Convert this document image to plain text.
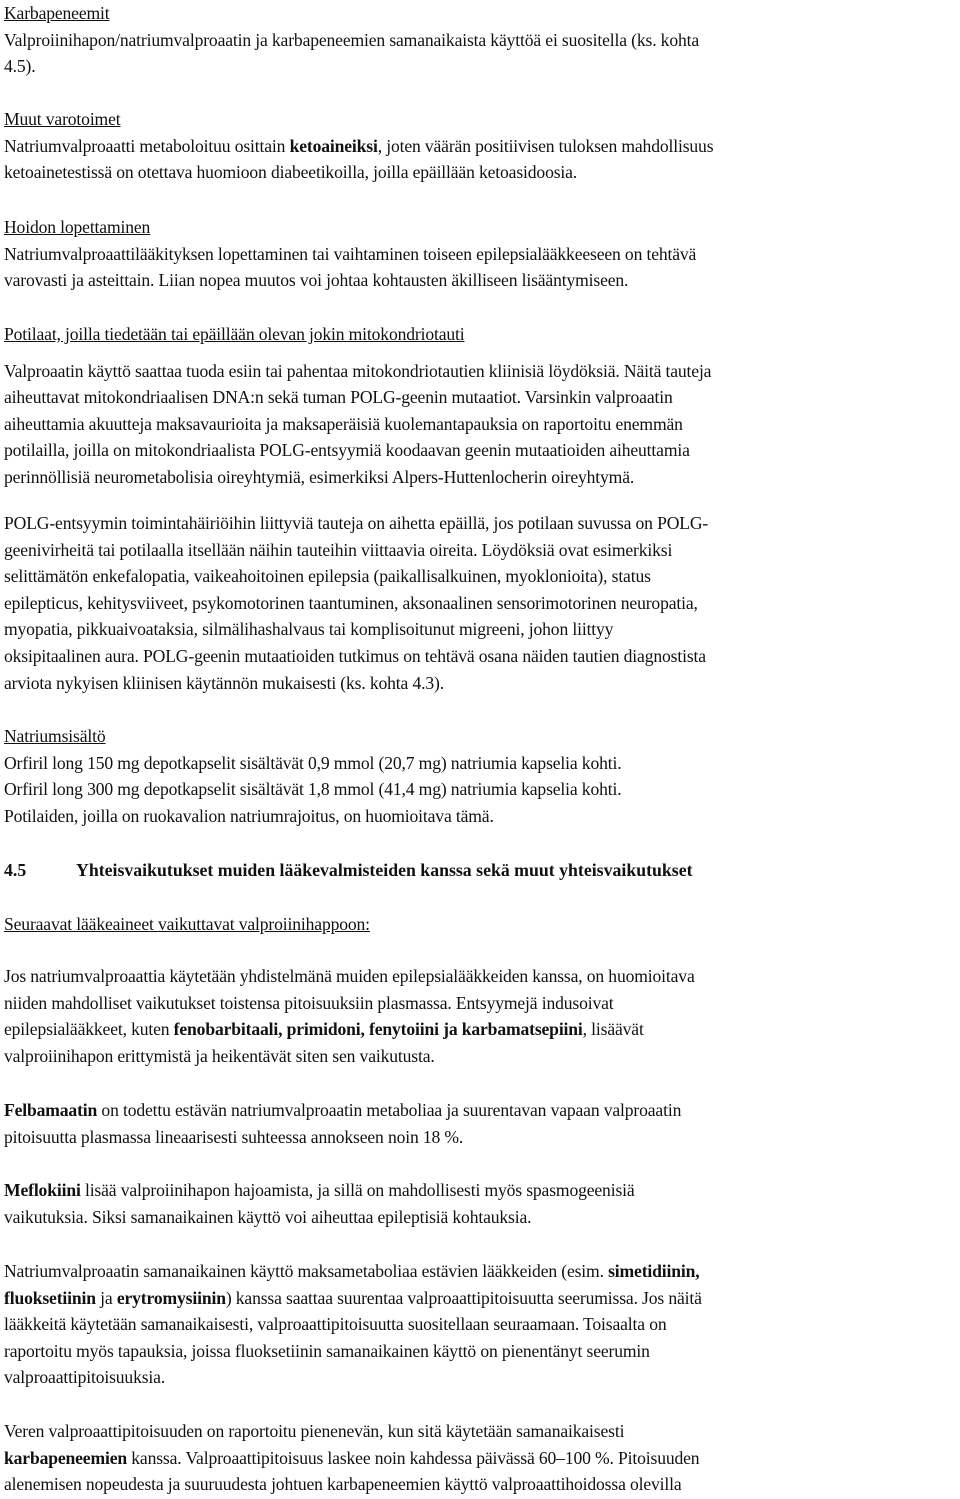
Karbapeneemit
Valproiinihapon/natriumvalproaatin ja karbapeneemien samanaikaista käyttöä ei suositella (ks. kohta
4.5).
Muut varotoimet
Natriumvalproaatti metaboloituu osittain ketoaineiksi, joten väärän positiivisen tuloksen mahdollisuus
ketoainetestissä on otettava huomioon diabeetikoilla, joilla epäillään ketoasidoosia.
Hoidon lopettaminen
Natriumvalproaattilääkityksen lopettaminen tai vaihtaminen toiseen epilepsialääkkeeseen on tehtävä
varovasti ja asteittain. Liian nopea muutos voi johtaa kohtausten äkilliseen lisääntymiseen.
Potilaat, joilla tiedetään tai epäillään olevan jokin mitokondriotauti
Valproaatin käyttö saattaa tuoda esiin tai pahentaa mitokondriotautien kliinisiä löydöksiä. Näitä tauteja
aiheuttavat mitokondriaalisen DNA:n sekä tuman POLG-geenin mutaatiot. Varsinkin valproaatin
aiheuttamia akuutteja maksavaurioita ja maksaperäisiä kuolemantapauksia on raportoitu enemmän
potilailla, joilla on mitokondriaalista POLG-entsyymiä koodaavan geenin mutaatioiden aiheuttamia
perinnöllisiä neurometabolisia oireyhtymiä, esimerkiksi Alpers-Huttenlocherin oireyhtymä.
POLG-entsyymin toimintahäiriöihin liittyviä tauteja on aihetta epäillä, jos potilaan suvussa on POLG-
geenivirheitä tai potilaalla itsellään näihin tauteihin viittaavia oireita. Löydöksiä ovat esimerkiksi
selittämätön enkefalopatia, vaikeahoitoinen epilepsia (paikallisalkuinen, myoklonioita), status
epilepticus, kehitysviiveet, psykomotorinen taantuminen, aksonaalinen sensorimotorinen neuropatia,
myopatia, pikkuaivoataksia, silmälihashalvaus tai komplisoitunut migreeni, johon liittyy
oksipitaalinen aura. POLG-geenin mutaatioiden tutkimus on tehtävä osana näiden tautien diagnostista
arviota nykyisen kliinisen käytännön mukaisesti (ks. kohta 4.3).
Natriumsisältö
Orfiril long 150 mg depotkapselit sisältävät 0,9 mmol (20,7 mg) natriumia kapselia kohti.
Orfiril long 300 mg depotkapselit sisältävät 1,8 mmol (41,4 mg) natriumia kapselia kohti.
Potilaiden, joilla on ruokavalion natriumrajoitus, on huomioitava tämä.
4.5	Yhteisvaikutukset muiden lääkevalmisteiden kanssa sekä muut yhteisvaikutukset
Seuraavat lääkeaineet vaikuttavat valproiinihappoon:
Jos natriumvalproaattia käytetään yhdistelmänä muiden epilepsialääkkeiden kanssa, on huomioitava
niiden mahdolliset vaikutukset toistensa pitoisuuksiin plasmassa. Entsyymejä indusoivat
epilepsialääkkeet, kuten fenobarbitaali, primidoni, fenytoiini ja karbamatsepiini, lisäävät
valproiinihapon erittymistä ja heikentävät siten sen vaikutusta.
Felbamaatin on todettu estävän natriumvalproaatin metaboliaa ja suurentavan vapaan valproaatin
pitoisuutta plasmassa lineaarisesti suhteessa annokseen noin 18 %.
Meflokiini lisää valproiinihapon hajoamista, ja sillä on mahdollisesti myös spasmogeenisiä
vaikutuksia. Siksi samanaikainen käyttö voi aiheuttaa epileptisiä kohtauksia.
Natriumvalproaatin samanaikainen käyttö maksametaboliaa estävien lääkkeiden (esim. simetidiinin,
fluoksetiinin ja erytromysiinin) kanssa saattaa suurentaa valproaattipitoisuutta seerumissa. Jos näitä
lääkkeitä käytetään samanaikaisesti, valproaattipitoisuutta suositellaan seuraamaan. Toisaalta on
raportoitu myös tapauksia, joissa fluoksetiinin samanaikainen käyttö on pienentänyt seerumin
valproaattipitoisuuksia.
Veren valproaattipitoisuuden on raportoitu pienenevän, kun sitä käytetään samanaikaisesti
karbapeneemien kanssa. Valproaattipitoisuus laskee noin kahdessa päivässä 60–100 %. Pitoisuuden
alenemisen nopeudesta ja suuruudesta johtuen karbapeneemien käyttö valproaattihoidossa olevilla
